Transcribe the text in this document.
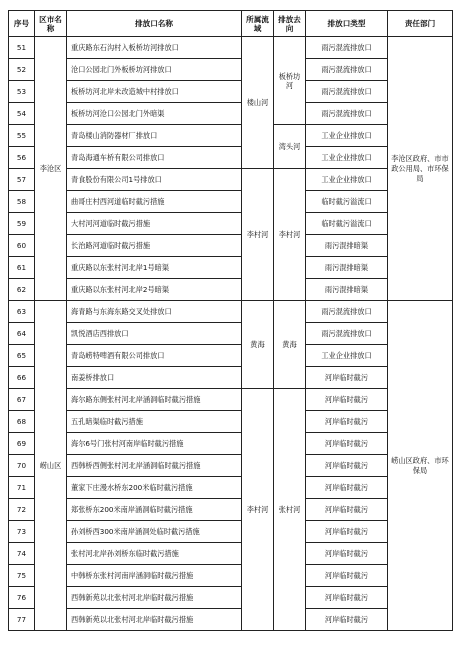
序号	区市名称	排放口名称	所属流域	排放去向	排放口类型	责任部门
51	李沧区	重庆路东石沟村入板桥坊河排放口	楼山河	板桥坊河	雨污混流排放口	李沧区政府、市市政公用局、市环保局
52		沧口公园北门外板桥坊河排放口			雨污混流排放口	
53		板桥坊河北岸未改造城中村排放口			雨污混流排放口	
54		板桥坊河沧口公园北门外暗渠			雨污混流排放口	
55		青岛楼山消防器材厂排放口		湾头河	工业企业排放口	
56		青岛海通车桥有限公司排放口			工业企业排放口	
57		青食股份有限公司1号排放口	李村河	李村河	工业企业排放口	
58		曲哥庄村西河道临时截污措施			临时截污溢流口	
59		大村河河道临时截污措施			临时截污溢流口	
60		长治路河道临时截污措施			雨污混排暗渠	
61		重庆路以东张村河北岸1号暗渠			雨污混排暗渠	
62		重庆路以东张村河北岸2号暗渠			雨污混排暗渠	
63	崂山区	海青路与东海东路交叉处排放口	黄海	黄海	雨污混流排放口	崂山区政府、市环保局
64		凯悦酒店西排放口			雨污混流排放口	
65		青岛崂特啤酒有限公司排放口			工业企业排放口	
66		南姜桥排放口			河岸临时截污	
67		海尔路东侧张村河北岸涵洞临时截污措施	李村河	张村河	河岸临时截污	
68		五孔暗渠临时截污措施			河岸临时截污	
69		海尔6号门张村河南岸临时截污措施			河岸临时截污	
70		西韩桥西侧张村河北岸涵洞临时截污措施			河岸临时截污	
71		董家下庄漫水桥东200米临时截污措施			河岸临时截污	
72		郑张桥东200米南岸涵洞临时截污措施			河岸临时截污	
73		孙刘桥西300米南岸涵洞处临时截污措施			河岸临时截污	
74		张村河北岸孙刘桥东临时截污措施			河岸临时截污	
75		中韩桥东张村河南岸涵洞临时截污措施			河岸临时截污	
76		西韩新苑以北张村河北岸临时截污措施			河岸临时截污	
77		西韩新苑以北张村河北岸临时截污措施			河岸临时截污	
